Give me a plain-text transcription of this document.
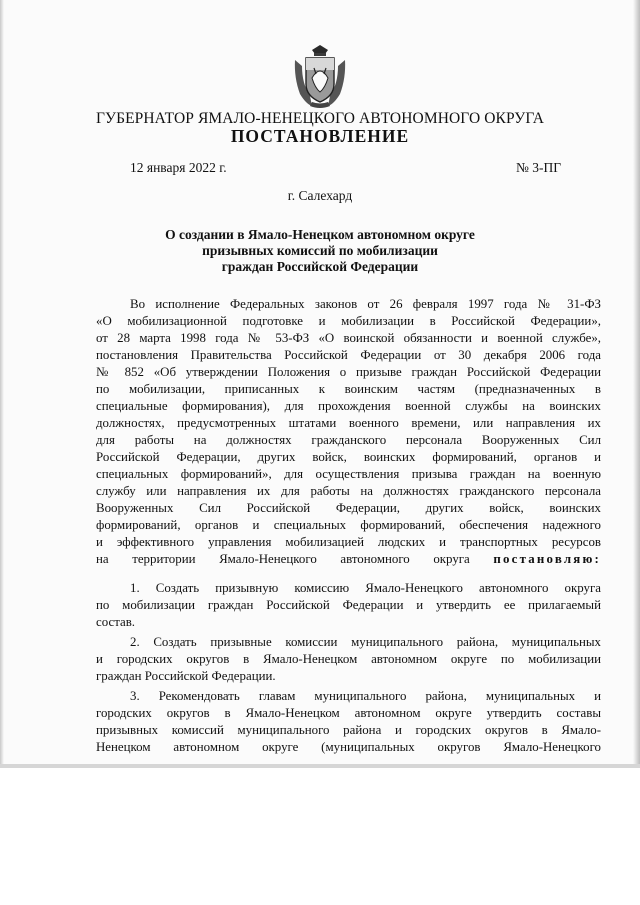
ГУБЕРНАТОР ЯМАЛО-НЕНЕЦКОГО АВТОНОМНОГО ОКРУГА
ПОСТАНОВЛЕНИЕ
12 января 2022 г.	№ 3-ПГ
г. Салехард
О создании в Ямало-Ненецком автономном округе
призывных комиссий по мобилизации
граждан Российской Федерации
Во исполнение Федеральных законов от 26 февраля 1997 года № 31-ФЗ
«О мобилизационной подготовке и мобилизации в Российской Федерации»,
от 28 марта 1998 года № 53-ФЗ «О воинской обязанности и военной службе»,
постановления Правительства Российской Федерации от 30 декабря 2006 года
№ 852 «Об утверждении Положения о призыве граждан Российской Федерации
по мобилизации, приписанных к воинским частям (предназначенных в
специальные формирования), для прохождения военной службы на воинских
должностях, предусмотренных штатами военного времени, или направления их
для работы на должностях гражданского персонала Вооруженных Сил
Российской Федерации, других войск, воинских формирований, органов и
специальных формирований», для осуществления призыва граждан на военную
службу или направления их для работы на должностях гражданского персонала
Вооруженных Сил Российской Федерации, других войск, воинских
формирований, органов и специальных формирований, обеспечения надежного
и эффективного управления мобилизацией людских и транспортных ресурсов
на территории Ямало-Ненецкого автономного округа постановляю:
1. Создать призывную комиссию Ямало-Ненецкого автономного округа
по мобилизации граждан Российской Федерации и утвердить ее прилагаемый
состав.
2. Создать призывные комиссии муниципального района, муниципальных
и городских округов в Ямало-Ненецком автономном округе по мобилизации
граждан Российской Федерации.
3. Рекомендовать главам муниципального района, муниципальных и
городских округов в Ямало-Ненецком автономном округе утвердить составы
призывных комиссий муниципального района и городских округов в Ямало-
Ненецком автономном округе (муниципальных округов Ямало-Ненецкого
